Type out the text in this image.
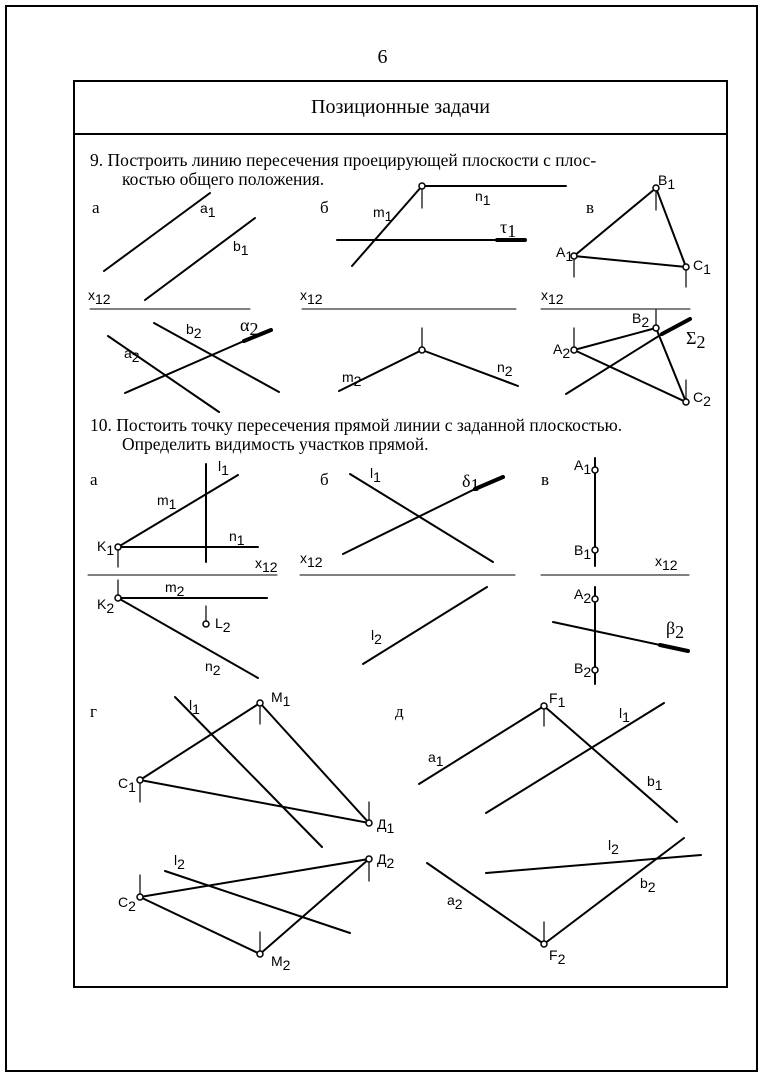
6
Позиционные задачи
9. Построить линию пересечения проецирующей плоскости с плос-
костью общего положения.
10. Постоить точку пересечения прямой линии с заданной плоскостью.
Определить видимость участков прямой.
а	б	в
а	б	в
г	д
a1
b1
x12
b2 α2
a2
m1
n1
τ1
x12
m2
n2
B1
A1
C1
x12
B2
Σ2
A2
C2
l1
m1
n1
K1
x12
m2
K2
L2
n2
l1	δ1
x12
l2
A1
B1	x12
A2
β2
B2
l1
M1
C1
Д1
Д2
l2
C2
M2
F1
l1
a1
b1
l2
b2
a2
F2
